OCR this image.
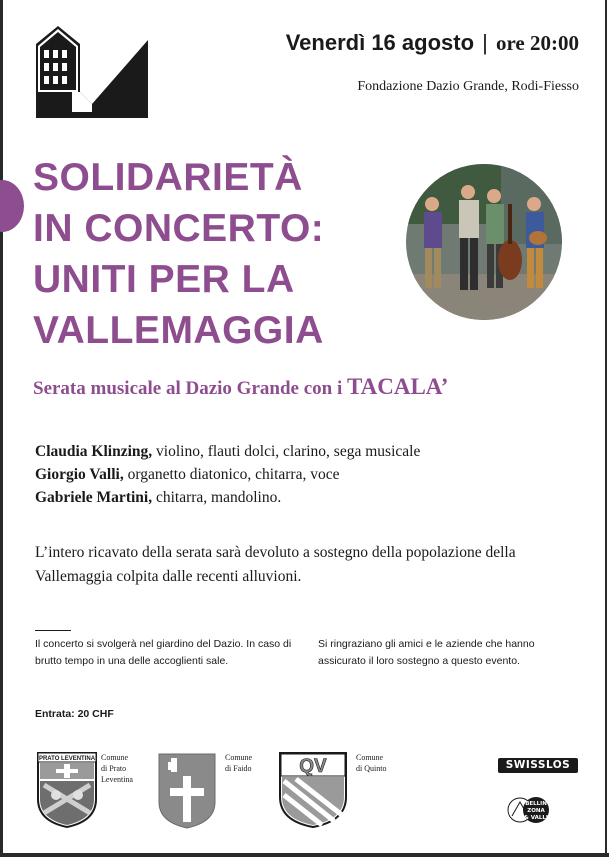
Venerdì 16 agosto | ore 20:00
Fondazione Dazio Grande, Rodi-Fiesso
SOLIDARIETÀ
IN CONCERTO:
UNITI PER LA
VALLEMAGGIA
Serata musicale al Dazio Grande con i TACALA’
Claudia Klinzing, violino, flauti dolci, clarino, sega musicale
Giorgio Valli, organetto diatonico, chitarra, voce
Gabriele Martini, chitarra, mandolino.

L’intero ricavato della serata sarà devoluto a sostegno della popolazione della Vallemaggia colpita dalle recenti alluvioni.

Il concerto si svolgerà nel giardino del Dazio. In caso di brutto tempo in una delle accoglienti sale.

Si ringraziano gli amici e le aziende che hanno assicurato il loro sostegno a questo evento.

Entrata: 20 CHF
PRATO LEVENTINA Comune
di Prato
Leventina
Comune
di Faido	QV	Comune
di Quinto	SWISSLOS
BELLIN
ZONA
& VALLI
